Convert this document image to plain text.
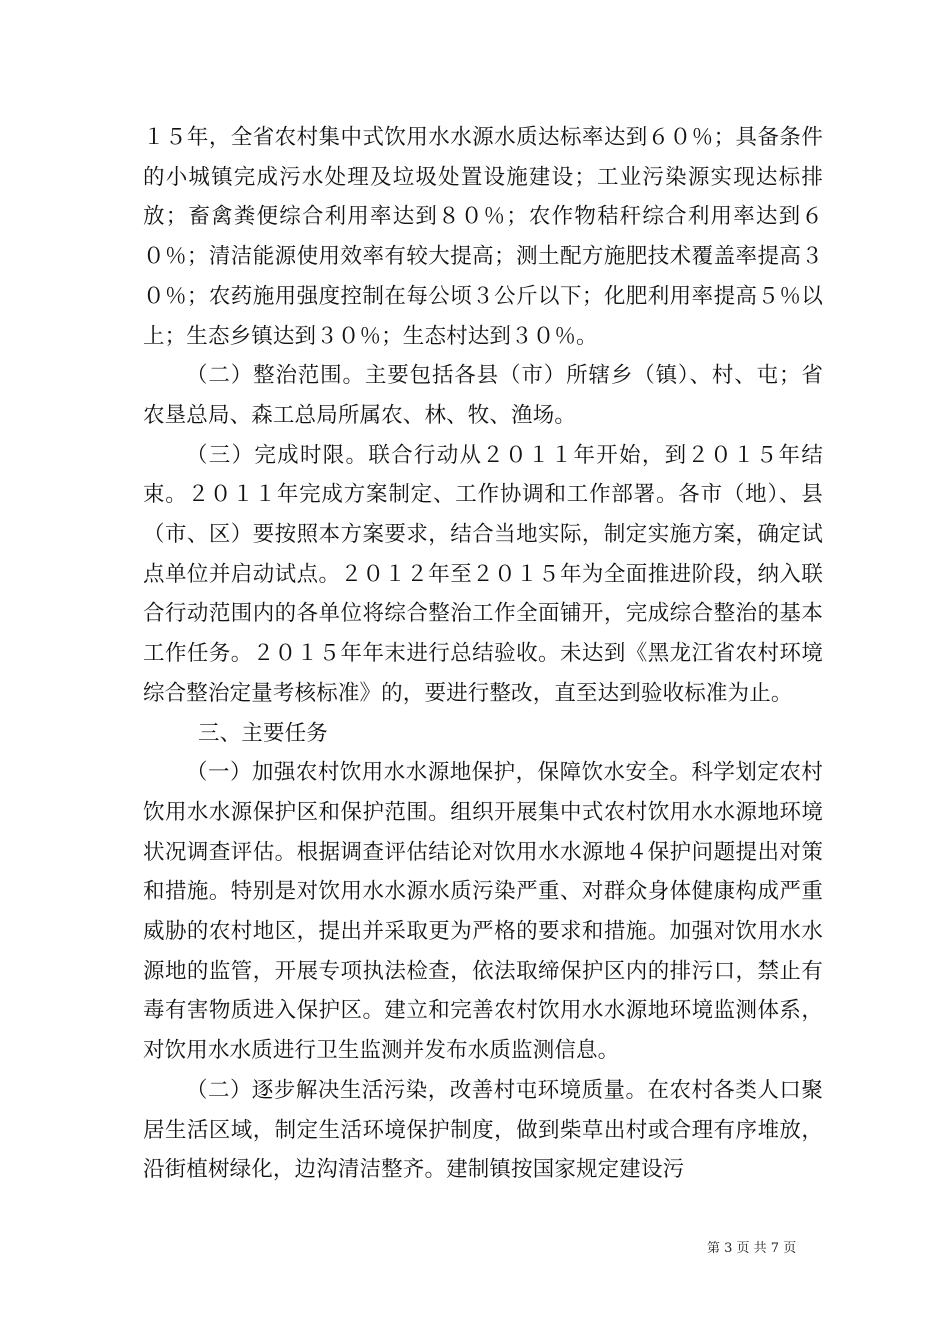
１５年，全省农村集中式饮用水水源水质达标率达到６０％；具备条件的小城镇完成污水处理及垃圾处置设施建设；工业污染源实现达标排放；畜禽粪便综合利用率达到８０％；农作物秸秆综合利用率达到６０％；清洁能源使用效率有较大提高；测土配方施肥技术覆盖率提高３０％；农药施用强度控制在每公顷３公斤以下；化肥利用率提高５％以上；生态乡镇达到３０％；生态村达到３０％。

（二）整治范围。主要包括各县（市）所辖乡（镇）、村、屯；省农垦总局、森工总局所属农、林、牧、渔场。

（三）完成时限。联合行动从２０１１年开始，到２０１５年结束。２０１１年完成方案制定、工作协调和工作部署。各市（地）、县（市、区）要按照本方案要求，结合当地实际，制定实施方案，确定试点单位并启动试点。２０１２年至２０１５年为全面推进阶段，纳入联合行动范围内的各单位将综合整治工作全面铺开，完成综合整治的基本工作任务。２０１５年年末进行总结验收。未达到《黑龙江省农村环境综合整治定量考核标准》的，要进行整改，直至达到验收标准为止。

三、主要任务

（一）加强农村饮用水水源地保护，保障饮水安全。科学划定农村饮用水水源保护区和保护范围。组织开展集中式农村饮用水水源地环境状况调查评估。根据调查评估结论对饮用水水源地４保护问题提出对策和措施。特别是对饮用水水源水质污染严重、对群众身体健康构成严重威胁的农村地区，提出并采取更为严格的要求和措施。加强对饮用水水源地的监管，开展专项执法检查，依法取缔保护区内的排污口，禁止有毒有害物质进入保护区。建立和完善农村饮用水水源地环境监测体系，对饮用水水质进行卫生监测并发布水质监测信息。

（二）逐步解决生活污染，改善村屯环境质量。在农村各类人口聚居生活区域，制定生活环境保护制度，做到柴草出村或合理有序堆放，沿街植树绿化，边沟清洁整齐。建制镇按国家规定建设污

第 3 页 共 7 页
